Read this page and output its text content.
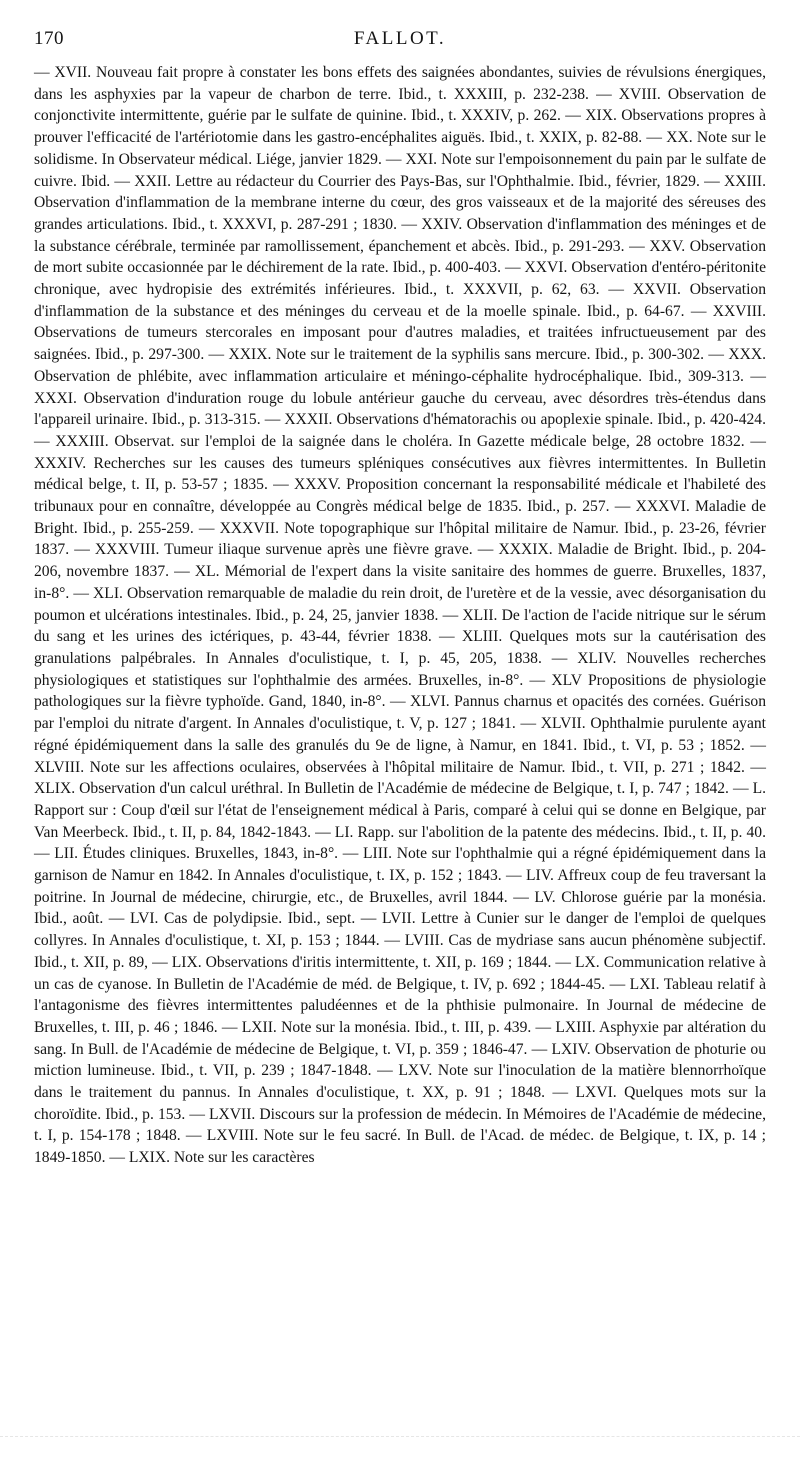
170	FALLOT.

— XVII. Nouveau fait propre à constater les bons effets des saignées abondantes, suivies de révulsions énergiques, dans les asphyxies par la vapeur de charbon de terre. Ibid., t. XXXIII, p. 232-238. — XVIII. Observation de conjonctivite intermittente, guérie par le sulfate de quinine. Ibid., t. XXXIV, p. 262. — XIX. Observations propres à prouver l'efficacité de l'artériotomie dans les gastro-encéphalites aiguës. Ibid., t. XXIX, p. 82-88. — XX. Note sur le solidisme. In Observateur médical. Liége, janvier 1829. — XXI. Note sur l'empoisonnement du pain par le sulfate de cuivre. Ibid. — XXII. Lettre au rédacteur du Courrier des Pays-Bas, sur l'Ophthalmie. Ibid., février, 1829. — XXIII. Observation d'inflammation de la membrane interne du cœur, des gros vaisseaux et de la majorité des séreuses des grandes articulations. Ibid., t. XXXVI, p. 287-291 ; 1830. — XXIV. Observation d'inflammation des méninges et de la substance cérébrale, terminée par ramollissement, épanchement et abcès. Ibid., p. 291-293. — XXV. Observation de mort subite occasionnée par le déchirement de la rate. Ibid., p. 400-403. — XXVI. Observation d'entéro-péritonite chronique, avec hydropisie des extrémités inférieures. Ibid., t. XXXVII, p. 62, 63. — XXVII. Observation d'inflammation de la substance et des méninges du cerveau et de la moelle spinale. Ibid., p. 64-67. — XXVIII. Observations de tumeurs stercorales en imposant pour d'autres maladies, et traitées infructueusement par des saignées. Ibid., p. 297-300. — XXIX. Note sur le traitement de la syphilis sans mercure. Ibid., p. 300-302. — XXX. Observation de phlébite, avec inflammation articulaire et méningo-céphalite hydrocéphalique. Ibid., 309-313. — XXXI. Observation d'induration rouge du lobule antérieur gauche du cerveau, avec désordres très-étendus dans l'appareil urinaire. Ibid., p. 313-315. — XXXII. Observations d'hématorachis ou apoplexie spinale. Ibid., p. 420-424. — XXXIII. Observat. sur l'emploi de la saignée dans le choléra. In Gazette médicale belge, 28 octobre 1832. — XXXIV. Recherches sur les causes des tumeurs spléniques consécutives aux fièvres intermittentes. In Bulletin médical belge, t. II, p. 53-57 ; 1835. — XXXV. Proposition concernant la responsabilité médicale et l'habileté des tribunaux pour en connaître, développée au Congrès médical belge de 1835. Ibid., p. 257. — XXXVI. Maladie de Bright. Ibid., p. 255-259. — XXXVII. Note topographique sur l'hôpital militaire de Namur. Ibid., p. 23-26, février 1837. — XXXVIII. Tumeur iliaque survenue après une fièvre grave. — XXXIX. Maladie de Bright. Ibid., p. 204-206, novembre 1837. — XL. Mémorial de l'expert dans la visite sanitaire des hommes de guerre. Bruxelles, 1837, in-8°. — XLI. Observation remarquable de maladie du rein droit, de l'uretère et de la vessie, avec désorganisation du poumon et ulcérations intestinales. Ibid., p. 24, 25, janvier 1838. — XLII. De l'action de l'acide nitrique sur le sérum du sang et les urines des ictériques, p. 43-44, février 1838. — XLIII. Quelques mots sur la cautérisation des granulations palpébrales. In Annales d'oculistique, t. I, p. 45, 205, 1838. — XLIV. Nouvelles recherches physiologiques et statistiques sur l'ophthalmie des armées. Bruxelles, in-8°. — XLV Propositions de physiologie pathologiques sur la fièvre typhoïde. Gand, 1840, in-8°. — XLVI. Pannus charnus et opacités des cornées. Guérison par l'emploi du nitrate d'argent. In Annales d'oculistique, t. V, p. 127 ; 1841. — XLVII. Ophthalmie purulente ayant régné épidémiquement dans la salle des granulés du 9e de ligne, à Namur, en 1841. Ibid., t. VI, p. 53 ; 1852. — XLVIII. Note sur les affections oculaires, observées à l'hôpital militaire de Namur. Ibid., t. VII, p. 271 ; 1842. — XLIX. Observation d'un calcul uréthral. In Bulletin de l'Académie de médecine de Belgique, t. I, p. 747 ; 1842. — L. Rapport sur : Coup d'œil sur l'état de l'enseignement médical à Paris, comparé à celui qui se donne en Belgique, par Van Meerbeck. Ibid., t. II, p. 84, 1842-1843. — LI. Rapp. sur l'abolition de la patente des médecins. Ibid., t. II, p. 40. — LII. Études cliniques. Bruxelles, 1843, in-8°. — LIII. Note sur l'ophthalmie qui a régné épidémiquement dans la garnison de Namur en 1842. In Annales d'oculistique, t. IX, p. 152 ; 1843. — LIV. Affreux coup de feu traversant la poitrine. In Journal de médecine, chirurgie, etc., de Bruxelles, avril 1844. — LV. Chlorose guérie par la monésia. Ibid., août. — LVI. Cas de polydipsie. Ibid., sept. — LVII. Lettre à Cunier sur le danger de l'emploi de quelques collyres. In Annales d'oculistique, t. XI, p. 153 ; 1844. — LVIII. Cas de mydriase sans aucun phénomène subjectif. Ibid., t. XII, p. 89, — LIX. Observations d'iritis intermittente, t. XII, p. 169 ; 1844. — LX. Communication relative à un cas de cyanose. In Bulletin de l'Académie de méd. de Belgique, t. IV, p. 692 ; 1844-45. — LXI. Tableau relatif à l'antagonisme des fièvres intermittentes paludéennes et de la phthisie pulmonaire. In Journal de médecine de Bruxelles, t. III, p. 46 ; 1846. — LXII. Note sur la monésia. Ibid., t. III, p. 439. — LXIII. Asphyxie par altération du sang. In Bull. de l'Académie de médecine de Belgique, t. VI, p. 359 ; 1846-47. — LXIV. Observation de photurie ou miction lumineuse. Ibid., t. VII, p. 239 ; 1847-1848. — LXV. Note sur l'inoculation de la matière blennorrhoïque dans le traitement du pannus. In Annales d'oculistique, t. XX, p. 91 ; 1848. — LXVI. Quelques mots sur la choroïdite. Ibid., p. 153. — LXVII. Discours sur la profession de médecin. In Mémoires de l'Académie de médecine, t. I, p. 154-178 ; 1848. — LXVIII. Note sur le feu sacré. In Bull. de l'Acad. de médec. de Belgique, t. IX, p. 14 ; 1849-1850. — LXIX. Note sur les caractères
